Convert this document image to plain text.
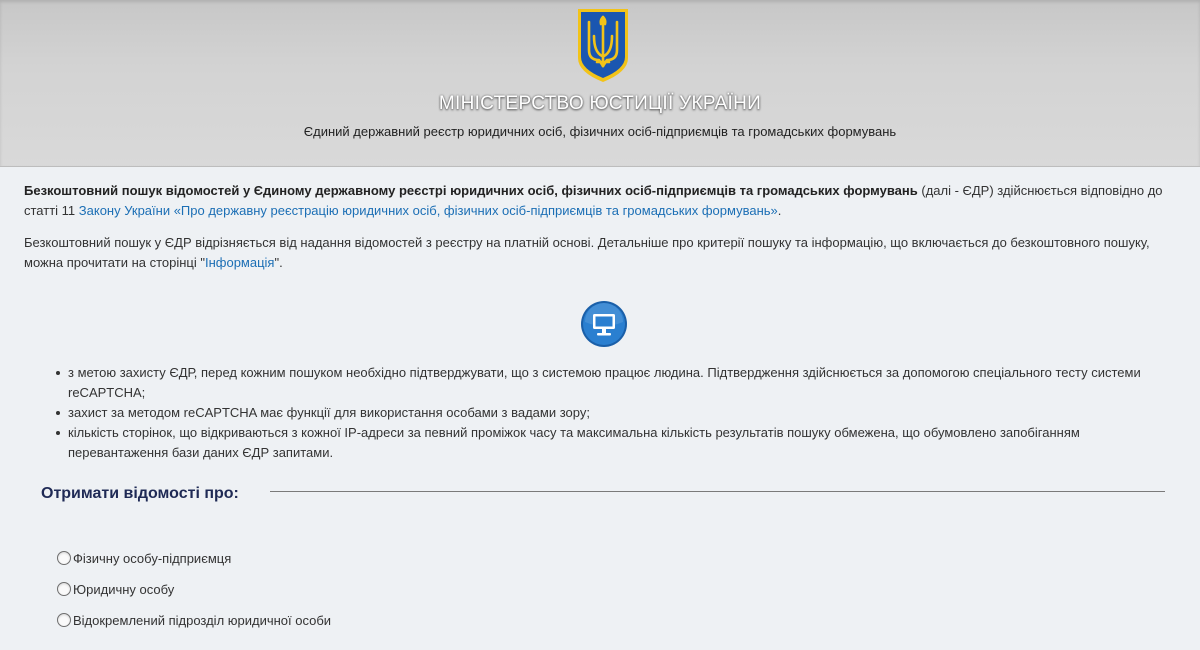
МІНІСТЕРСТВО ЮСТИЦІЇ УКРАЇНИ
Єдиний державний реєстр юридичних осіб, фізичних осіб-підприємців та громадських формувань

Безкоштовний пошук відомостей у Єдиному державному реєстрі юридичних осіб, фізичних осіб-підприємців та громадських формувань (далі - ЄДР) здійснюється відповідно до статті 11 Закону України «Про державну реєстрацію юридичних осіб, фізичних осіб-підприємців та громадських формувань».

Безкоштовний пошук у ЄДР відрізняється від надання відомостей з реєстру на платній основі. Детальніше про критерії пошуку та інформацію, що включається до безкоштовного пошуку, можна прочитати на сторінці "Інформація".

з метою захисту ЄДР, перед кожним пошуком необхідно підтверджувати, що з системою працює людина. Підтвердження здійснюється за допомогою спеціального тесту системи reCAPTCHA;
захист за методом reCAPTCHA має функції для використання особами з вадами зору;
кількість сторінок, що відкриваються з кожної IP-адреси за певний проміжок часу та максимальна кількість результатів пошуку обмежена, що обумовлено запобіганням перевантаження бази даних ЄДР запитами.
Отримати відомості про:
Фізичну особу-підприємця
Юридичну особу
Відокремлений підрозділ юридичної особи
